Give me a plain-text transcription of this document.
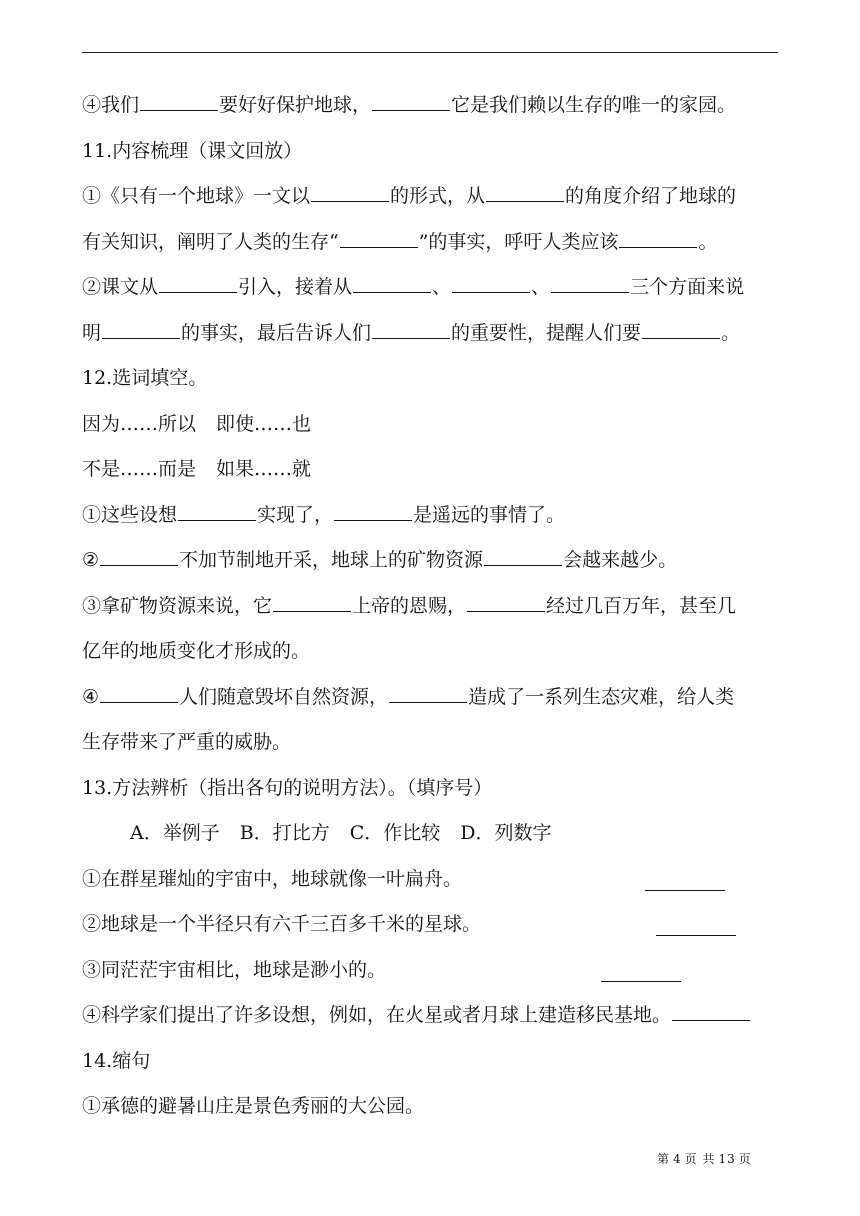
④我们	要好好保护地球，	它是我们赖以生存的唯一的家园。
11.内容梳理（课文回放）
①《只有一个地球》一文以	的形式，从	的角度介绍了地球的
有关知识，阐明了人类的生存“	”的事实，呼吁人类应该	。
②课文从	引入，接着从	、	、	三个方面来说
明	的事实，最后告诉人们	的重要性，提醒人们要	。
12.选词填空。
因为……所以 即使……也
不是……而是 如果……就
①这些设想	实现了，	是遥远的事情了。
②	不加节制地开采，地球上的矿物资源	会越来越少。
③拿矿物资源来说，它	上帝的恩赐，	经过几百万年，甚至几
亿年的地质变化才形成的。
④	人们随意毁坏自然资源，	造成了一系列生态灾难，给人类
生存带来了严重的威胁。
13.方法辨析（指出各句的说明方法）。（填序号）
A．举例子 B．打比方 C．作比较 D．列数字
①在群星璀灿的宇宙中，地球就像一叶扁舟。
②地球是一个半径只有六千三百多千米的星球。
③同茫茫宇宙相比，地球是渺小的。
④科学家们提出了许多设想，例如，在火星或者月球上建造移民基地。
14.缩句
①承德的避暑山庄是景色秀丽的大公园。
第 4 页 共 13 页
